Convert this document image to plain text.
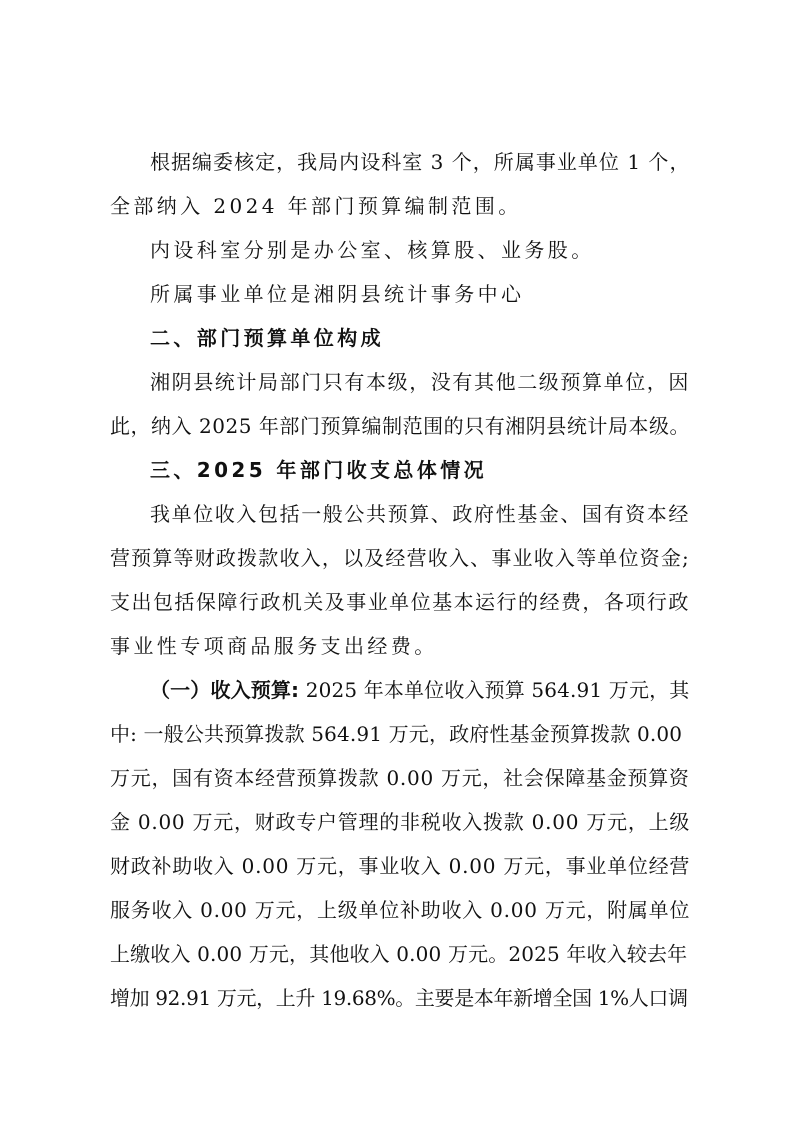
根据编委核定，我局内设科室 3 个，所属事业单位 1 个，
全部纳入 2024 年部门预算编制范围。
内设科室分别是办公室、核算股、业务股。
所属事业单位是湘阴县统计事务中心
二、部门预算单位构成
湘阴县统计局部门只有本级，没有其他二级预算单位，因
此，纳入 2025 年部门预算编制范围的只有湘阴县统计局本级。
三、2025 年部门收支总体情况
我单位收入包括一般公共预算、政府性基金、国有资本经
营预算等财政拨款收入，以及经营收入、事业收入等单位资金;
支出包括保障行政机关及事业单位基本运行的经费，各项行政
事业性专项商品服务支出经费。
（一）收入预算: 2025 年本单位收入预算 564.91 万元，其
中: 一般公共预算拨款 564.91 万元，政府性基金预算拨款 0.00
万元，国有资本经营预算拨款 0.00 万元，社会保障基金预算资
金 0.00 万元，财政专户管理的非税收入拨款 0.00 万元，上级
财政补助收入 0.00 万元，事业收入 0.00 万元，事业单位经营
服务收入 0.00 万元，上级单位补助收入 0.00 万元，附属单位
上缴收入 0.00 万元，其他收入 0.00 万元。2025 年收入较去年
增加 92.91 万元，上升 19.68%。主要是本年新增全国 1%人口调
